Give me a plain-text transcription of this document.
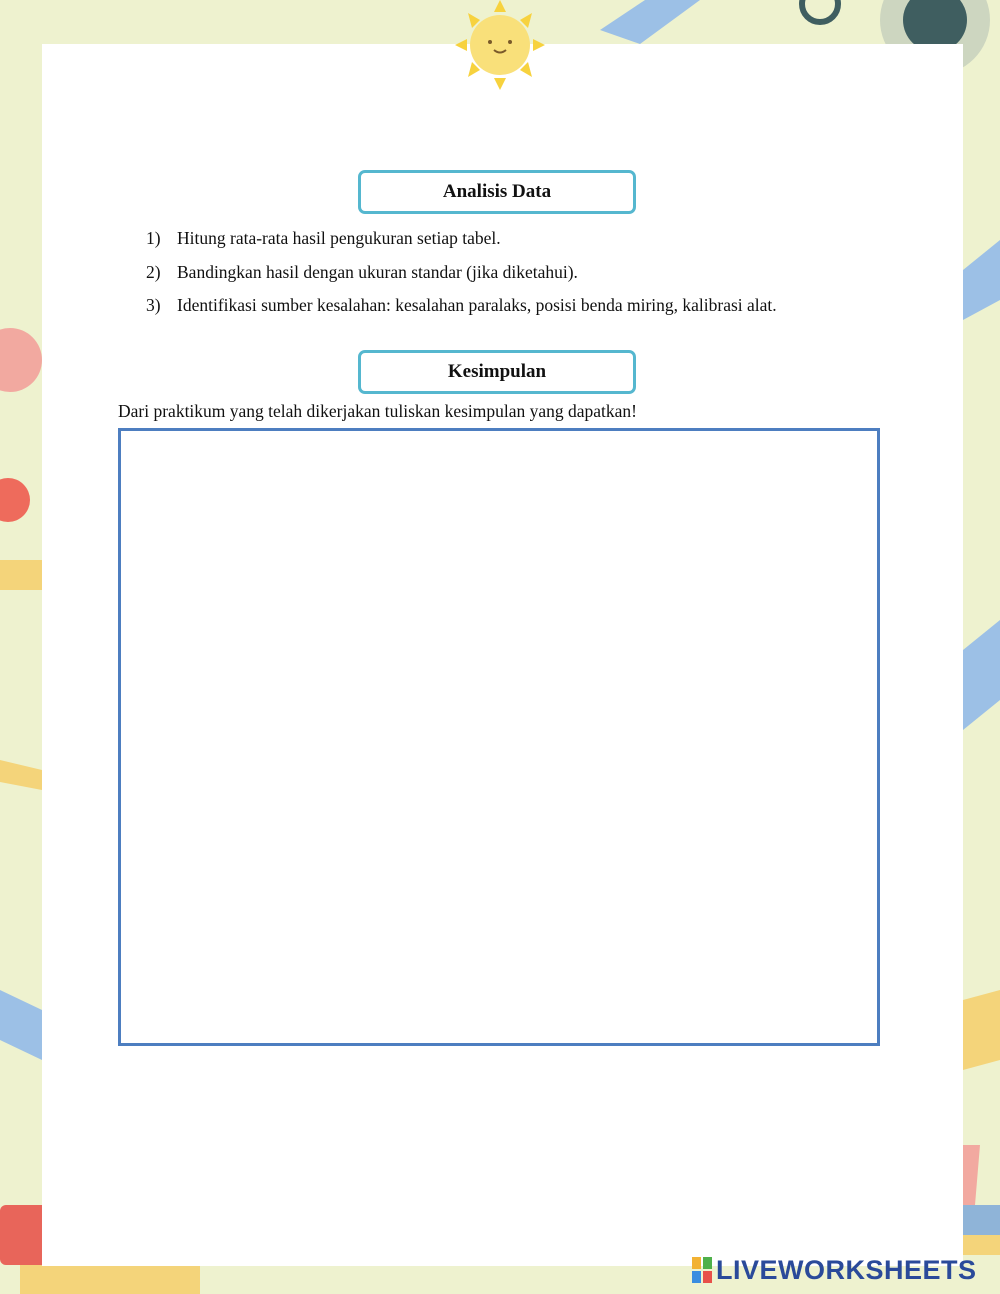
Analisis Data
1) Hitung rata-rata hasil pengukuran setiap tabel.
2) Bandingkan hasil dengan ukuran standar (jika diketahui).
3) Identifikasi sumber kesalahan: kesalahan paralaks, posisi benda miring, kalibrasi alat.
Kesimpulan
Dari praktikum yang telah dikerjakan tuliskan kesimpulan yang dapatkan!
LIVEWORKSHEETS
